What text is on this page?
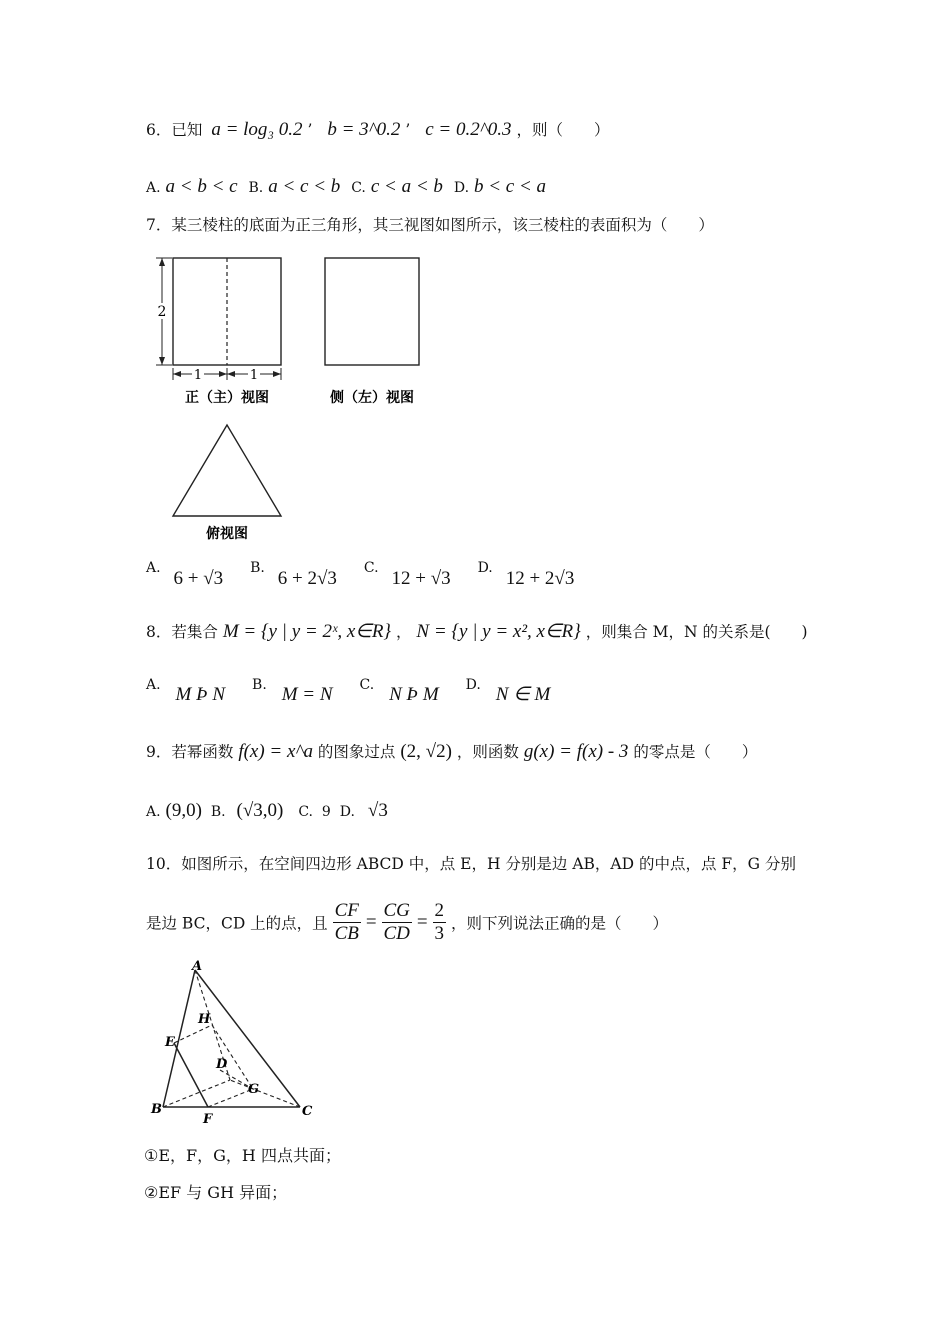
6．已知 a = log₃ 0.2 ’ b = 3^0.2 ’ c = 0.2^0.3 ，则（　　）
A. a < b < c B. a < c < b C. c < a < b D. b < c < a
7．某三棱柱的底面为正三角形，其三视图如图所示，该三棱柱的表面积为（　　）
2
1	1
正（主）视图	侧（左）视图
俯视图
A. 6 + √3 B. 6 + 2√3 C. 12 + √3 D. 12 + 2√3
8．若集合 M = {y | y = 2ˣ, x∈R} ， N = {y | y = x², x∈R} ，则集合 M，N 的关系是(　　)
A. M Þ N B. M = N C. N Þ M D. N ∈ M
9．若幂函数 f(x) = x^a 的图象过点 (2, √2) ，则函数 g(x) = f(x) - 3 的零点是（　　）
A. (9,0) B. (√3,0) C. 9 D. √3
10．如图所示，在空间四边形 ABCD 中，点 E，H 分别是边 AB，AD 的中点，点 F，G 分别
是边 BC，CD 上的点，且 $\frac{CF}{CB} = \frac{CG}{CD} = \frac{2}{3}$ ，则下列说法正确的是（　　）
A
B	C
D
E
F
G
H
①E，F，G，H 四点共面；
②EF 与 GH 异面；
